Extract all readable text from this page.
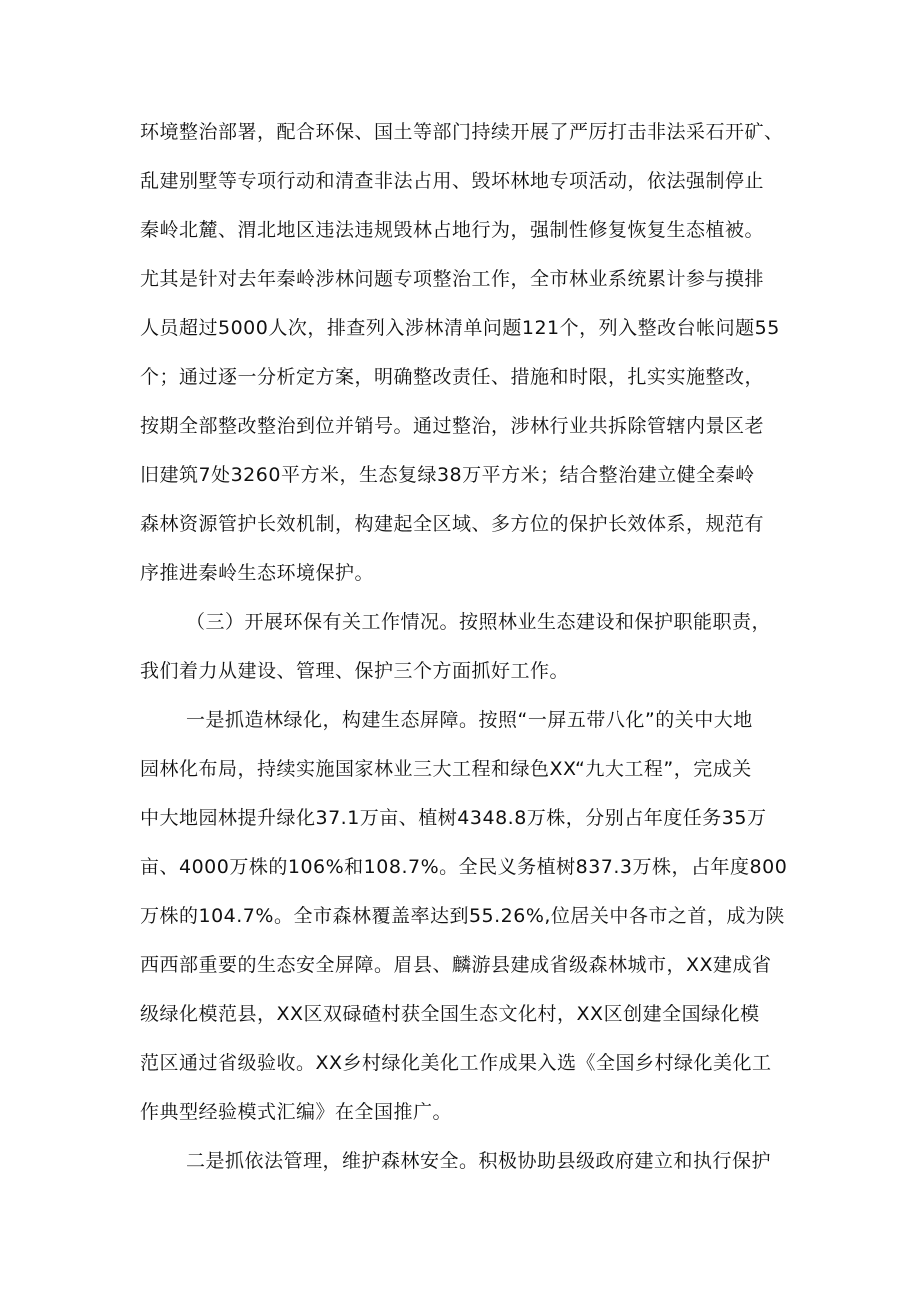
环境整治部署，配合环保、国土等部门持续开展了严厉打击非法采石开矿、
乱建别墅等专项行动和清查非法占用、毁坏林地专项活动，依法强制停止
秦岭北麓、渭北地区违法违规毁林占地行为，强制性修复恢复生态植被。
尤其是针对去年秦岭涉林问题专项整治工作，全市林业系统累计参与摸排
人员超过5000人次，排查列入涉林清单问题121个，列入整改台帐问题55
个；通过逐一分析定方案，明确整改责任、措施和时限，扎实实施整改，
按期全部整改整治到位并销号。通过整治，涉林行业共拆除管辖内景区老
旧建筑7处3260平方米，生态复绿38万平方米；结合整治建立健全秦岭
森林资源管护长效机制，构建起全区域、多方位的保护长效体系，规范有
序推进秦岭生态环境保护。
（三）开展环保有关工作情况。按照林业生态建设和保护职能职责，
我们着力从建设、管理、保护三个方面抓好工作。
一是抓造林绿化，构建生态屏障。按照“一屏五带八化”的关中大地
园林化布局，持续实施国家林业三大工程和绿色XX“九大工程”，完成关
中大地园林提升绿化37.1万亩、植树4348.8万株，分别占年度任务35万
亩、4000万株的106%和108.7%。全民义务植树837.3万株，占年度800
万株的104.7%。全市森林覆盖率达到55.26%,位居关中各市之首，成为陕
西西部重要的生态安全屏障。眉县、麟游县建成省级森林城市，XX建成省
级绿化模范县，XX区双碌碴村获全国生态文化村，XX区创建全国绿化模
范区通过省级验收。XX乡村绿化美化工作成果入选《全国乡村绿化美化工
作典型经验模式汇编》在全国推广。
二是抓依法管理，维护森林安全。积极协助县级政府建立和执行保护
